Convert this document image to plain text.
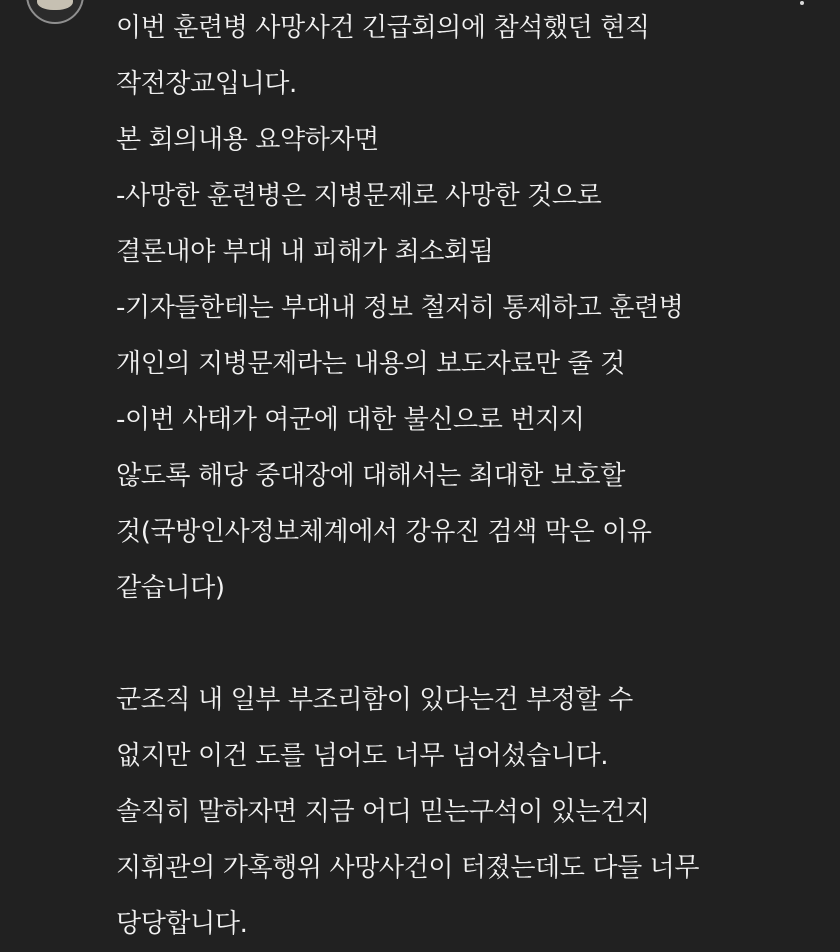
이번 훈련병 사망사건 긴급회의에 참석했던 현직
작전장교입니다.
본 회의내용 요약하자면
-사망한 훈련병은 지병문제로 사망한 것으로
결론내야 부대 내 피해가 최소회됨
-기자들한테는 부대내 정보 철저히 통제하고 훈련병
개인의 지병문제라는 내용의 보도자료만 줄 것
-이번 사태가 여군에 대한 불신으로 번지지
않도록 해당 중대장에 대해서는 최대한 보호할
것(국방인사정보체계에서 강유진 검색 막은 이유
같습니다)
군조직 내 일부 부조리함이 있다는건 부정할 수
없지만 이건 도를 넘어도 너무 넘어섰습니다.
솔직히 말하자면 지금 어디 믿는구석이 있는건지
지휘관의 가혹행위 사망사건이 터졌는데도 다들 너무
당당합니다.
